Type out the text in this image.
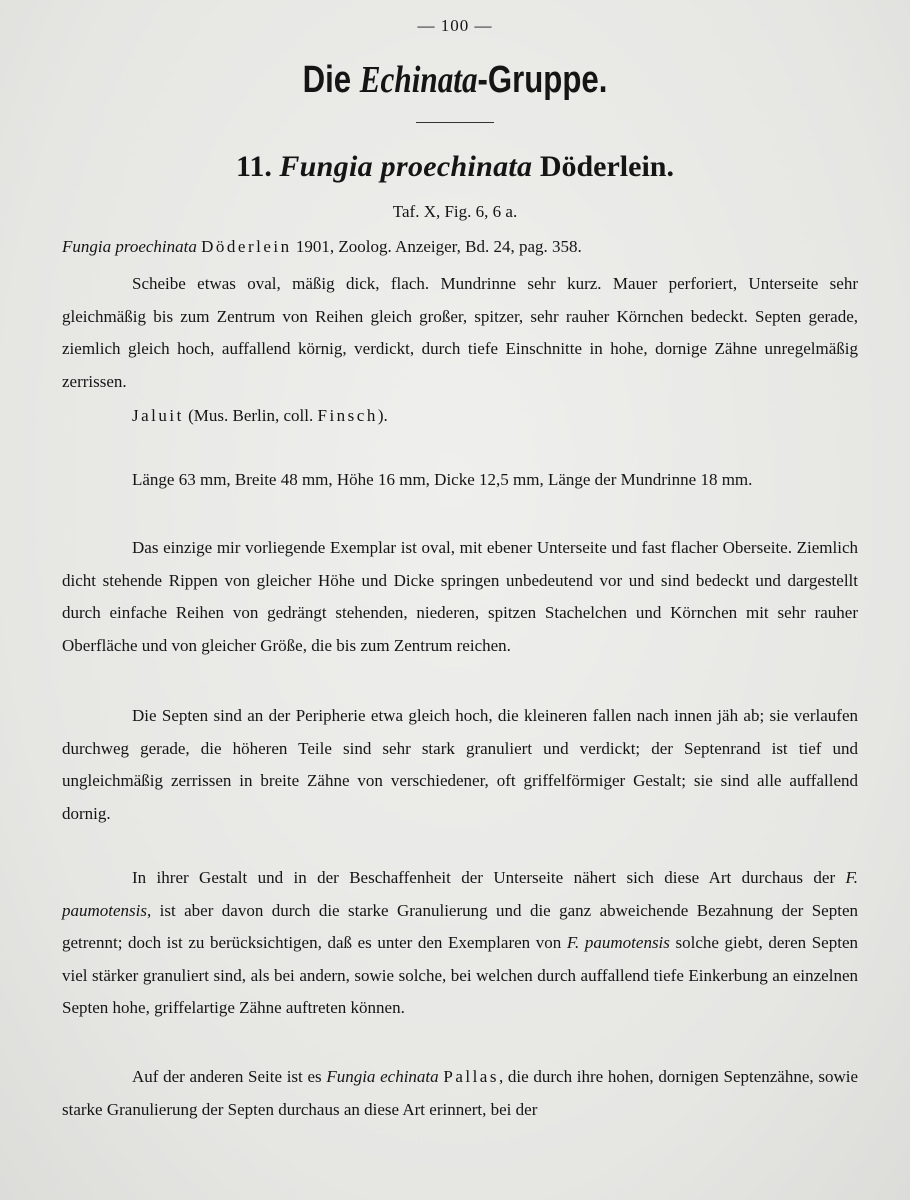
— 100 —
Die Echinata-Gruppe.
11. Fungia proechinata Döderlein.
Taf. X, Fig. 6, 6 a.
Fungia proechinata Döderlein 1901, Zoolog. Anzeiger, Bd. 24, pag. 358.

Scheibe etwas oval, mäßig dick, flach. Mundrinne sehr kurz. Mauer perforiert, Unterseite sehr gleichmäßig bis zum Zentrum von Reihen gleich großer, spitzer, sehr rauher Körnchen bedeckt. Septen gerade, ziemlich gleich hoch, auffallend körnig, verdickt, durch tiefe Einschnitte in hohe, dornige Zähne unregelmäßig zerrissen.

Jaluit (Mus. Berlin, coll. Finsch).

Länge 63 mm, Breite 48 mm, Höhe 16 mm, Dicke 12,5 mm, Länge der Mundrinne 18 mm.

Das einzige mir vorliegende Exemplar ist oval, mit ebener Unterseite und fast flacher Oberseite. Ziemlich dicht stehende Rippen von gleicher Höhe und Dicke springen unbedeutend vor und sind bedeckt und dargestellt durch einfache Reihen von gedrängt stehenden, niederen, spitzen Stachelchen und Körnchen mit sehr rauher Oberfläche und von gleicher Größe, die bis zum Zentrum reichen.

Die Septen sind an der Peripherie etwa gleich hoch, die kleineren fallen nach innen jäh ab; sie verlaufen durchweg gerade, die höheren Teile sind sehr stark granuliert und verdickt; der Septenrand ist tief und ungleichmäßig zerrissen in breite Zähne von verschiedener, oft griffelförmiger Gestalt; sie sind alle auffallend dornig.

In ihrer Gestalt und in der Beschaffenheit der Unterseite nähert sich diese Art durchaus der F. paumotensis, ist aber davon durch die starke Granulierung und die ganz abweichende Bezahnung der Septen getrennt; doch ist zu berücksichtigen, daß es unter den Exemplaren von F. paumotensis solche giebt, deren Septen viel stärker granuliert sind, als bei andern, sowie solche, bei welchen durch auffallend tiefe Einkerbung an einzelnen Septen hohe, griffelartige Zähne auftreten können.

Auf der anderen Seite ist es Fungia echinata Pallas, die durch ihre hohen, dornigen Septenzähne, sowie starke Granulierung der Septen durchaus an diese Art erinnert, bei der
